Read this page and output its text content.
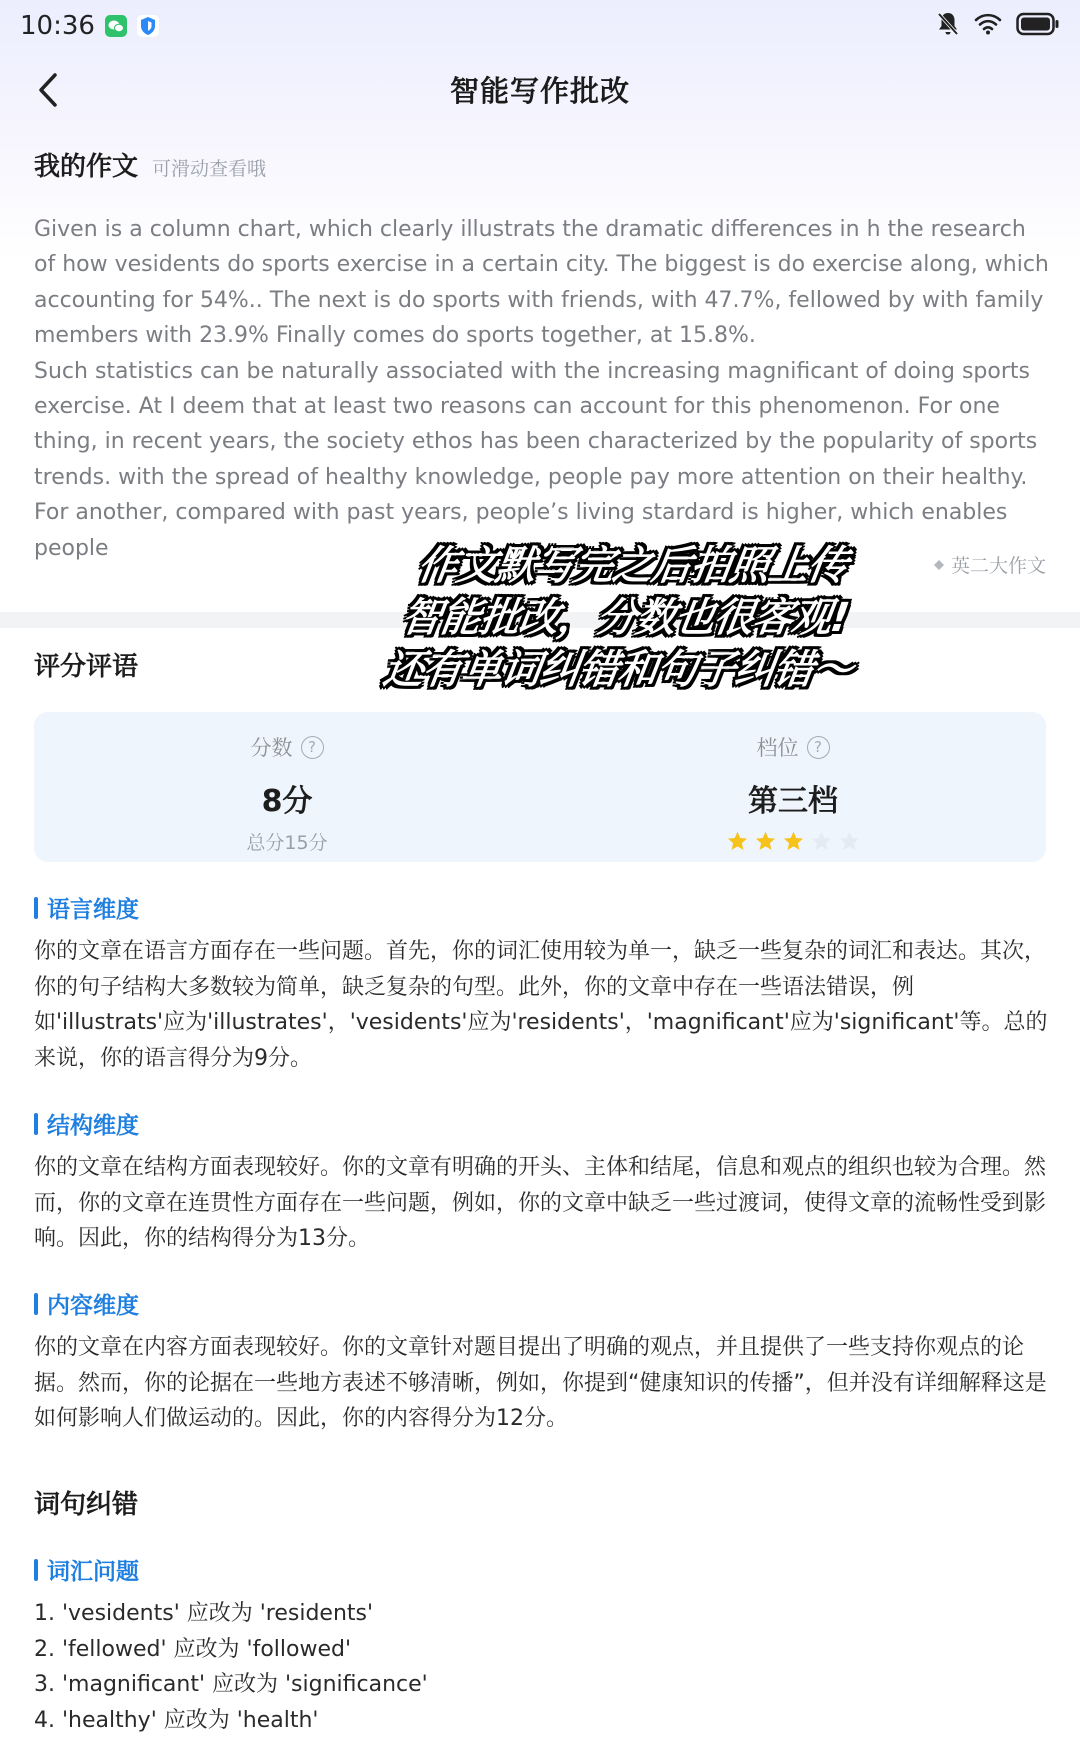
10:36
智能写作批改
我的作文 可滑动查看哦

Given is a column chart, which clearly illustrats the dramatic differences in h the research of how vesidents do sports exercise in a certain city. The biggest is do exercise along, which accounting for 54%.. The next is do sports with friends, with 47.7%, fellowed by with family members with 23.9% Finally comes do sports together, at 15.8%.

Such statistics can be naturally associated with the increasing magnificant of doing sports exercise. At I deem that at least two reasons can account for this phenomenon. For one thing, in recent years, the society ethos has been characterized by the popularity of sports trends. with the spread of healthy knowledge, people pay more attention on their healthy. For another, compared with past years, people’s living stardard is higher, which enables people

英二大作文
评分评语
分数	?
8分
总分15分
档位	?
第三档
语言维度
你的文章在语言方面存在一些问题。首先，你的词汇使用较为单一，缺乏一些复杂的词汇和表达。其次，你的句子结构大多数较为简单，缺乏复杂的句型。此外，你的文章中存在一些语法错误，例如'illustrats'应为'illustrates'，'vesidents'应为'residents'，'magnificant'应为'significant'等。总的来说，你的语言得分为9分。
结构维度
你的文章在结构方面表现较好。你的文章有明确的开头、主体和结尾，信息和观点的组织也较为合理。然而，你的文章在连贯性方面存在一些问题，例如，你的文章中缺乏一些过渡词，使得文章的流畅性受到影响。因此，你的结构得分为13分。
内容维度
你的文章在内容方面表现较好。你的文章针对题目提出了明确的观点，并且提供了一些支持你观点的论据。然而，你的论据在一些地方表述不够清晰，例如，你提到“健康知识的传播”，但并没有详细解释这是如何影响人们做运动的。因此，你的内容得分为12分。
词句纠错
词汇问题
1. 'vesidents' 应改为 'residents'
2. 'fellowed' 应改为 'followed'
3. 'magnificant' 应改为 'significance'
4. 'healthy' 应改为 'health'
作文默写完之后拍照上传
智能批改，分数也很客观!
还有单词纠错和句子纠错～
